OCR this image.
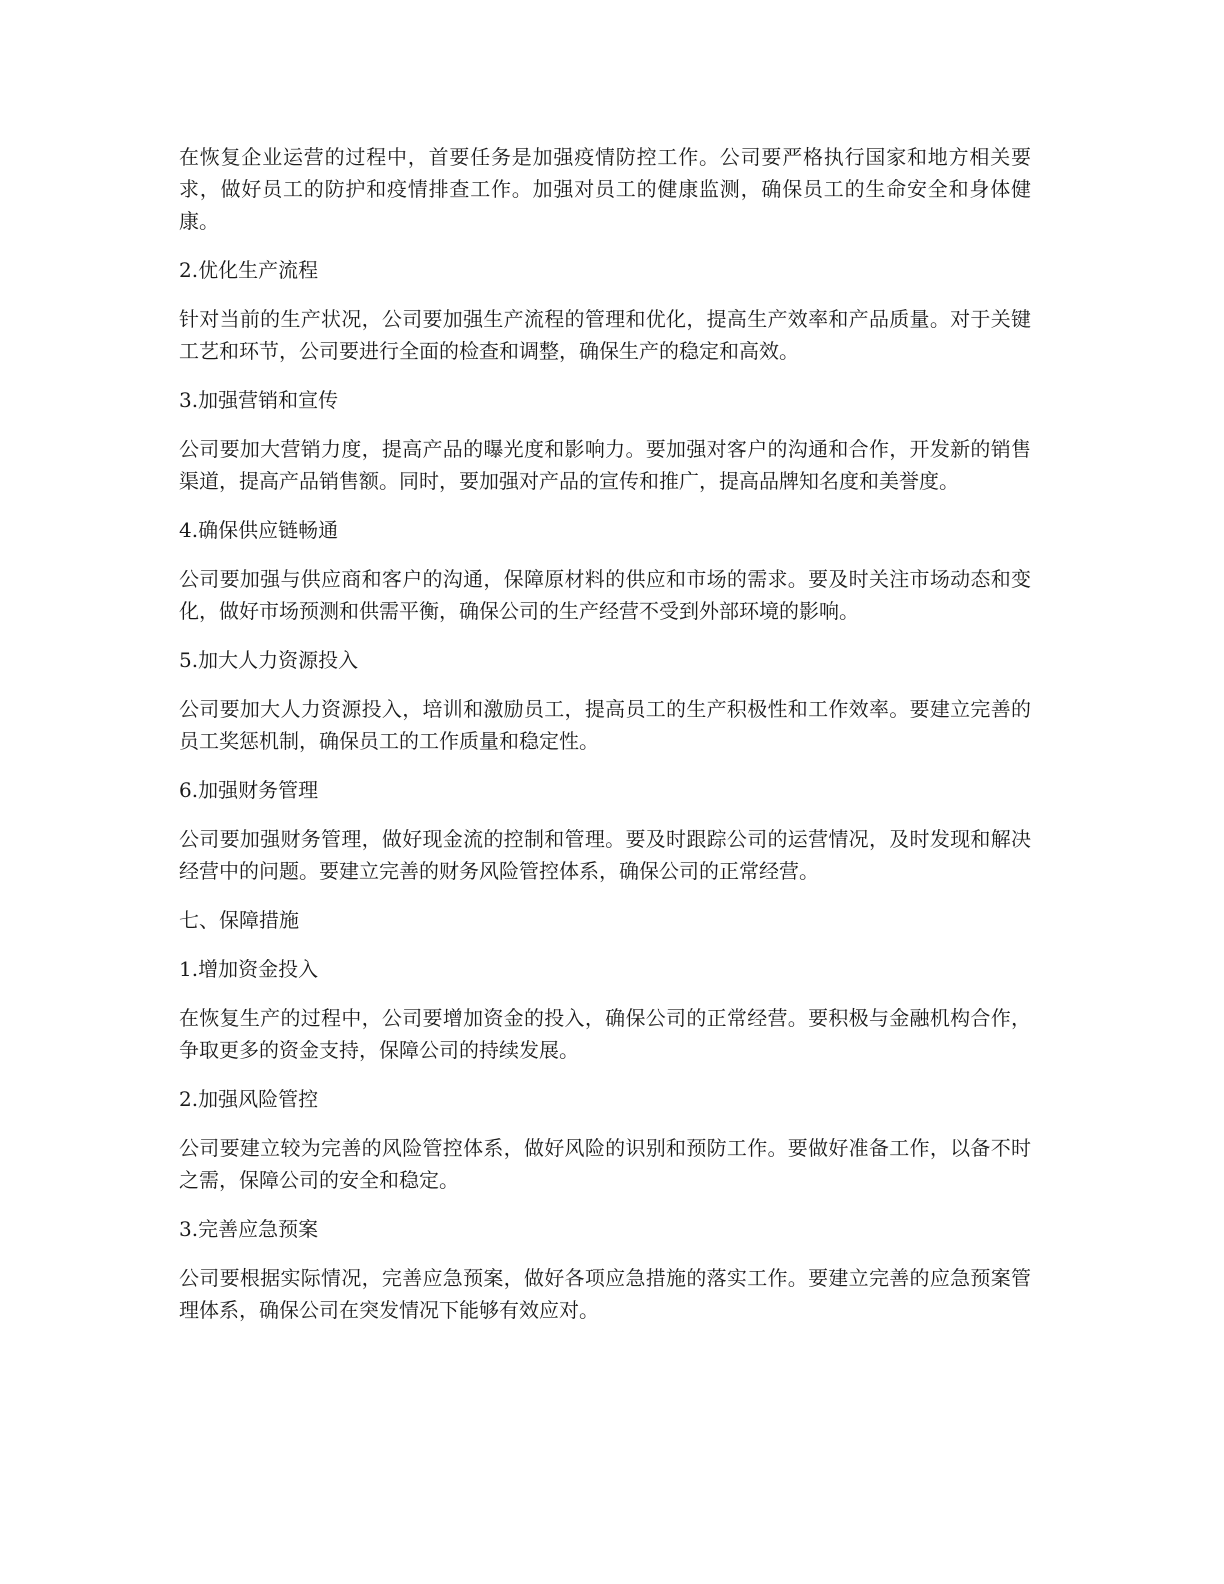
在恢复企业运营的过程中，首要任务是加强疫情防控工作。公司要严格执行国家和地方相关要求，做好员工的防护和疫情排查工作。加强对员工的健康监测，确保员工的生命安全和身体健康。

2.优化生产流程

针对当前的生产状况，公司要加强生产流程的管理和优化，提高生产效率和产品质量。对于关键工艺和环节，公司要进行全面的检查和调整，确保生产的稳定和高效。

3.加强营销和宣传

公司要加大营销力度，提高产品的曝光度和影响力。要加强对客户的沟通和合作，开发新的销售渠道，提高产品销售额。同时，要加强对产品的宣传和推广，提高品牌知名度和美誉度。

4.确保供应链畅通

公司要加强与供应商和客户的沟通，保障原材料的供应和市场的需求。要及时关注市场动态和变化，做好市场预测和供需平衡，确保公司的生产经营不受到外部环境的影响。

5.加大人力资源投入

公司要加大人力资源投入，培训和激励员工，提高员工的生产积极性和工作效率。要建立完善的员工奖惩机制，确保员工的工作质量和稳定性。

6.加强财务管理

公司要加强财务管理，做好现金流的控制和管理。要及时跟踪公司的运营情况，及时发现和解决经营中的问题。要建立完善的财务风险管控体系，确保公司的正常经营。

七、保障措施

1.增加资金投入

在恢复生产的过程中，公司要增加资金的投入，确保公司的正常经营。要积极与金融机构合作，争取更多的资金支持，保障公司的持续发展。

2.加强风险管控

公司要建立较为完善的风险管控体系，做好风险的识别和预防工作。要做好准备工作，以备不时之需，保障公司的安全和稳定。

3.完善应急预案

公司要根据实际情况，完善应急预案，做好各项应急措施的落实工作。要建立完善的应急预案管理体系，确保公司在突发情况下能够有效应对。
